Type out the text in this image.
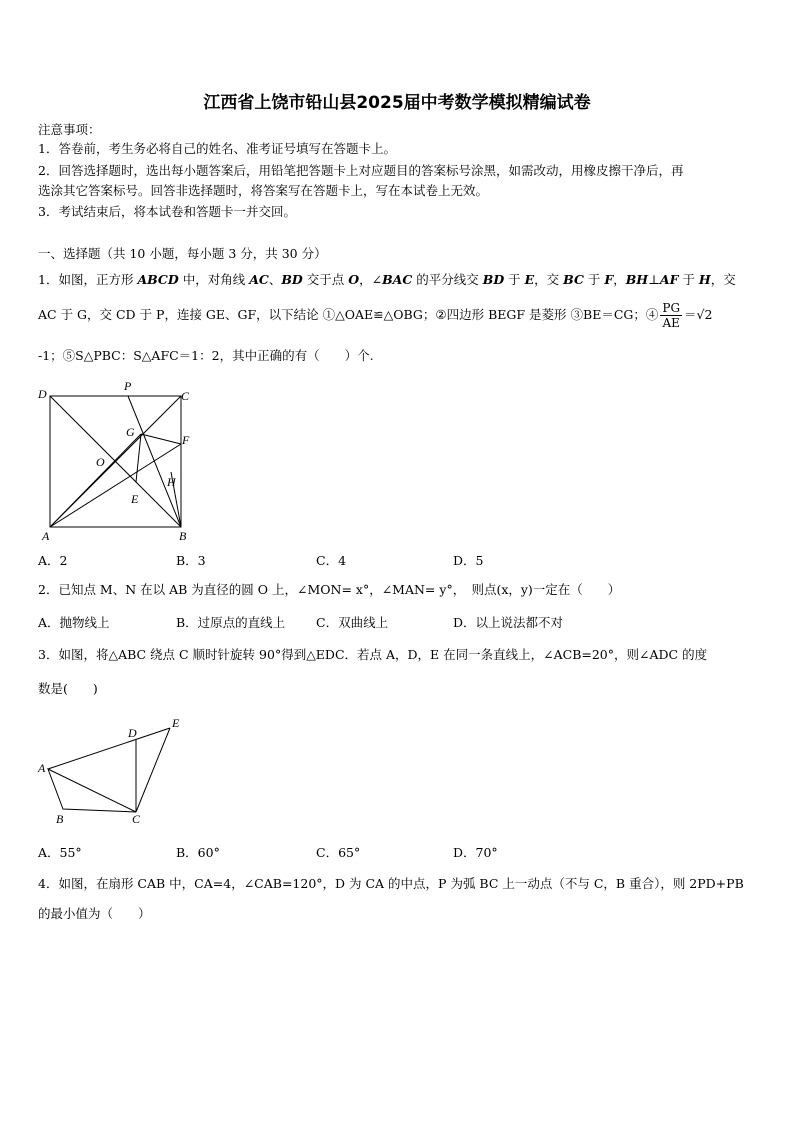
江西省上饶市铅山县2025届中考数学模拟精编试卷
注意事项：
1．答卷前，考生务必将自己的姓名、准考证号填写在答题卡上。
2．回答选择题时，选出每小题答案后，用铅笔把答题卡上对应题目的答案标号涂黑，如需改动，用橡皮擦干净后，再
选涂其它答案标号。回答非选择题时，将答案写在答题卡上，写在本试卷上无效。
3．考试结束后，将本试卷和答题卡一并交回。
一、选择题（共 10 小题，每小题 3 分，共 30 分）
1．如图，正方形 ABCD 中，对角线 AC、BD 交于点 O，∠BAC 的平分线交 BD 于 E，交 BC 于 F，BH⊥AF 于 H，交
AC 于 G，交 CD 于 P，连接 GE、GF，以下结论 ①△OAE≌△OBG；②四边形 BEGF 是菱形 ③BE＝CG；④ $\frac{PG}{AE} =√2$
-1；⑤S△PBC：S△AFC＝1：2，其中正确的有（　　）个.
D
P
C
G
O
F
H
E
A	B
A．2	B．3	C．4	D．5
2．已知点 M、N 在以 AB 为直径的圆 O 上，∠MON= x°，∠MAN= y°，　则点(x，y)一定在（　　）
A．抛物线上	B．过原点的直线上 C．双曲线上	D．以上说法都不对
3．如图，将△ABC 绕点 C 顺时针旋转 90°得到△EDC．若点 A，D，E 在同一条直线上，∠ACB=20°，则∠ADC 的度
数是(　　)
A
B	C
D
E
A．55°	B．60°	C．65°	D．70°
4．如图，在扇形 CAB 中，CA=4，∠CAB=120°，D 为 CA 的中点，P 为弧 BC 上一动点（不与 C，B 重合），则 2PD+PB
的最小值为（　　）
